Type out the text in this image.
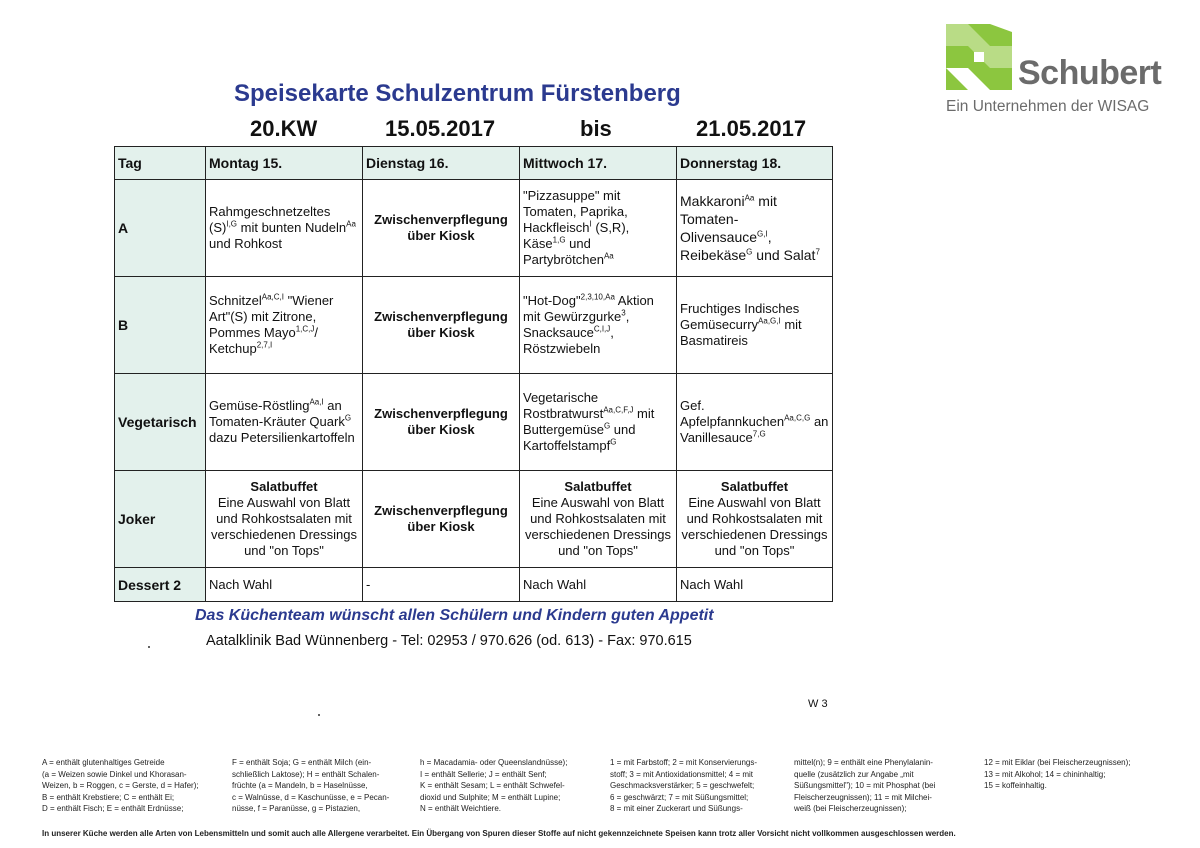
Schubert
Ein Unternehmen der WISAG
Speisekarte Schulzentrum Fürstenberg
20.KW	15.05.2017	bis	21.05.2017
Tag	Montag 15.	Dienstag 16.	Mittwoch 17.	Donnerstag 18.
A	Rahmgeschnetzeltes
$(S)^{I,G}$ mit bunten Nudeln$^{Aa}$
und Rohkost	Zwischenverpflegung
über Kiosk	"Pizzasuppe" mit
Tomaten, Paprika,
Hackfleisch$^I$ (S,R),
Käse$^{1,G}$ und
Partybrötchen$^{Aa}$	Makkaroni$^{Aa}$ mit
Tomaten-
Olivensauce$^{G,I}$,
Reibekäse$^G$ und Salat$^7$
B	Schnitzel$^{Aa,C,I}$ "Wiener
Art"(S) mit Zitrone,
Pommes Mayo$^{1,C,J}$/
Ketchup$^{2,7,I}$	Zwischenverpflegung
über Kiosk	"Hot-Dog"$^{2,3,10,Aa}$ Aktion
mit Gewürzgurke$^3$,
Snacksauce$^{C,I,J}$,
Röstzwiebeln	Fruchtiges Indisches
Gemüsecurry$^{Aa,G,I}$ mit
Basmatireis
Vegetarisch	Gemüse-Röstling$^{Aa,I}$ an
Tomaten-Kräuter Quark$^G$
dazu Petersilienkartoffeln	Zwischenverpflegung
über Kiosk	Vegetarische
Rostbratwurst$^{Aa,C,F,J}$ mit
Buttergemüse$^G$ und
Kartoffelstampf$^G$	Gef.
Apfelpfannkuchen$^{Aa,C,G}$ an
Vanillesauce$^{7,G}$
Joker	Salatbuffet
Eine Auswahl von Blatt
und Rohkostsalaten mit
verschiedenen Dressings
und "on Tops"	Zwischenverpflegung
über Kiosk	Salatbuffet
Eine Auswahl von Blatt
und Rohkostsalaten mit
verschiedenen Dressings
und "on Tops"	Salatbuffet
Eine Auswahl von Blatt
und Rohkostsalaten mit
verschiedenen Dressings
und "on Tops"
Dessert 2	Nach Wahl	-	Nach Wahl	Nach Wahl
Das Küchenteam wünscht allen Schülern und Kindern guten Appetit
Aatalklinik Bad Wünnenberg - Tel: 02953 / 970.626 (od. 613) - Fax: 970.615
W 3
A = enthält glutenhaltiges Getreide
(a = Weizen sowie Dinkel und Khorasan-
Weizen, b = Roggen, c = Gerste, d = Hafer);
B = enthält Krebstiere; C = enthält Ei;
D = enthält Fisch; E = enthält Erdnüsse;
F = enthält Soja; G = enthält Milch (ein-
schließlich Laktose); H = enthält Schalen-
früchte (a = Mandeln, b = Haselnüsse,
c = Walnüsse, d = Kaschunüsse, e = Pecan-
nüsse, f = Paranüsse, g = Pistazien,
h = Macadamia- oder Queenslandnüsse);
I = enthält Sellerie; J = enthält Senf;
K = enthält Sesam; L = enthält Schwefel-
dioxid und Sulphite; M = enthält Lupine;
N = enthält Weichtiere.
1 = mit Farbstoff; 2 = mit Konservierungs-
stoff; 3 = mit Antioxidationsmittel; 4 = mit
Geschmacksverstärker; 5 = geschwefelt;
6 = geschwärzt; 7 = mit Süßungsmittel;
8 = mit einer Zuckerart und Süßungs-
mittel(n); 9 = enthält eine Phenylalanin-
quelle (zusätzlich zur Angabe „mit
Süßungsmittel"); 10 = mit Phosphat (bei
Fleischerzeugnissen); 11 = mit Milchei-
weiß (bei Fleischerzeugnissen);
12 = mit Eiklar (bei Fleischerzeugnissen);
13 = mit Alkohol; 14 = chininhaltig;
15 = koffeinhaltig.
In unserer Küche werden alle Arten von Lebensmitteln und somit auch alle Allergene verarbeitet. Ein Übergang von Spuren dieser Stoffe auf nicht gekennzeichnete Speisen kann trotz aller Vorsicht nicht vollkommen ausgeschlossen werden.
